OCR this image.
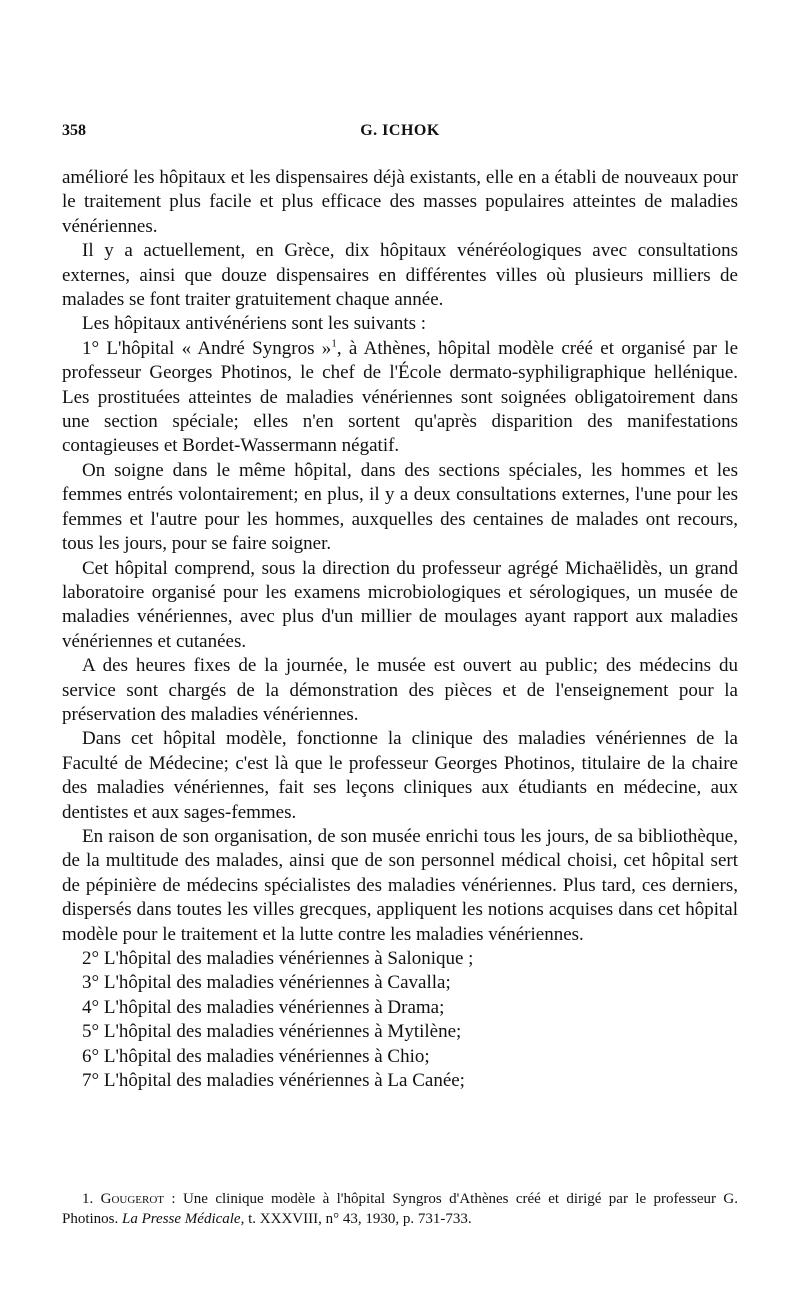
358	G. ICHOK

amélioré les hôpitaux et les dispensaires déjà existants, elle en a établi de nouveaux pour le traitement plus facile et plus efficace des masses populaires atteintes de maladies vénériennes.

Il y a actuellement, en Grèce, dix hôpitaux vénéréologiques avec consultations externes, ainsi que douze dispensaires en différentes villes où plusieurs milliers de malades se font traiter gratuitement chaque année.

Les hôpitaux antivénériens sont les suivants :

1° L'hôpital « André Syngros »$^1$, à Athènes, hôpital modèle créé et organisé par le professeur Georges Photinos, le chef de l'École dermato-syphiligraphique hellénique. Les prostituées atteintes de maladies vénériennes sont soignées obligatoirement dans une section spéciale; elles n'en sortent qu'après disparition des manifestations contagieuses et Bordet-Wassermann négatif.

On soigne dans le même hôpital, dans des sections spéciales, les hommes et les femmes entrés volontairement; en plus, il y a deux consultations externes, l'une pour les femmes et l'autre pour les hommes, auxquelles des centaines de malades ont recours, tous les jours, pour se faire soigner.

Cet hôpital comprend, sous la direction du professeur agrégé Michaëlidès, un grand laboratoire organisé pour les examens microbiologiques et sérologiques, un musée de maladies vénériennes, avec plus d'un millier de moulages ayant rapport aux maladies vénériennes et cutanées.

A des heures fixes de la journée, le musée est ouvert au public; des médecins du service sont chargés de la démonstration des pièces et de l'enseignement pour la préservation des maladies vénériennes.

Dans cet hôpital modèle, fonctionne la clinique des maladies vénériennes de la Faculté de Médecine; c'est là que le professeur Georges Photinos, titulaire de la chaire des maladies vénériennes, fait ses leçons cliniques aux étudiants en médecine, aux dentistes et aux sages-femmes.

En raison de son organisation, de son musée enrichi tous les jours, de sa bibliothèque, de la multitude des malades, ainsi que de son personnel médical choisi, cet hôpital sert de pépinière de médecins spécialistes des maladies vénériennes. Plus tard, ces derniers, dispersés dans toutes les villes grecques, appliquent les notions acquises dans cet hôpital modèle pour le traitement et la lutte contre les maladies vénériennes.

2° L'hôpital des maladies vénériennes à Salonique ;

3° L'hôpital des maladies vénériennes à Cavalla;

4° L'hôpital des maladies vénériennes à Drama;

5° L'hôpital des maladies vénériennes à Mytilène;

6° L'hôpital des maladies vénériennes à Chio;

7° L'hôpital des maladies vénériennes à La Canée;

1. Gougerot : Une clinique modèle à l'hôpital Syngros d'Athènes créé et dirigé par le professeur G. Photinos. La Presse Médicale, t. XXXVIII, n° 43, 1930, p. 731-733.
